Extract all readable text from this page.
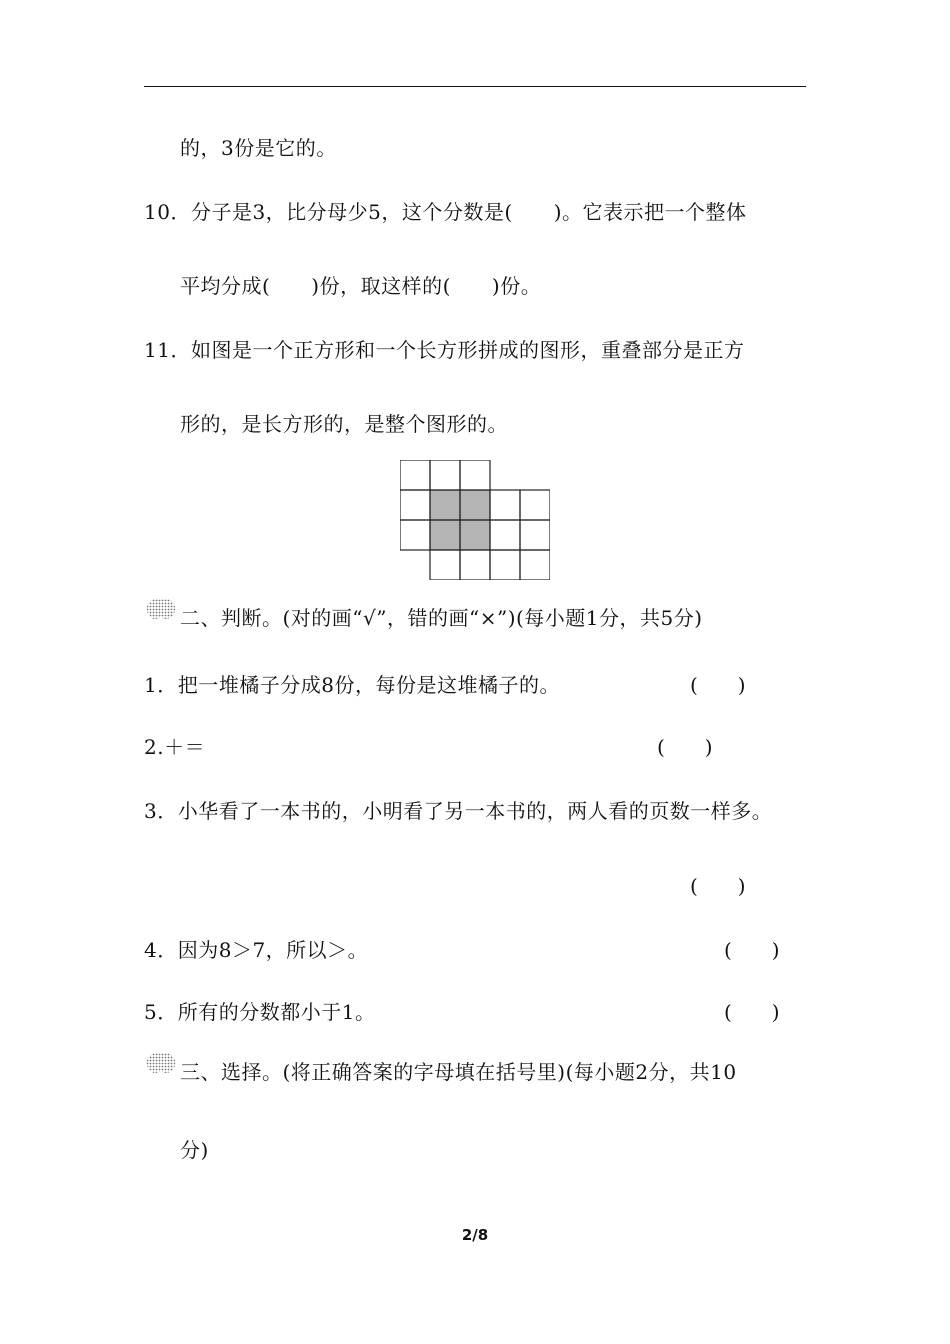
的，3份是它的。
10．分子是3，比分母少5，这个分数是(　　)。它表示把一个整体
平均分成(　　)份，取这样的(　　)份。
11．如图是一个正方形和一个长方形拼成的图形，重叠部分是正方
形的，是长方形的，是整个图形的。
二、判断。(对的画“√”，错的画“×”)(每小题1分，共5分)
1．把一堆橘子分成8份，每份是这堆橘子的。	(　　)
2.＋＝	(　　)
3．小华看了一本书的，小明看了另一本书的，两人看的页数一样多。
(　　)
4．因为8＞7，所以＞。	(　　)
5．所有的分数都小于1。	(　　)
三、选择。(将正确答案的字母填在括号里)(每小题2分，共10
分)
2/8
